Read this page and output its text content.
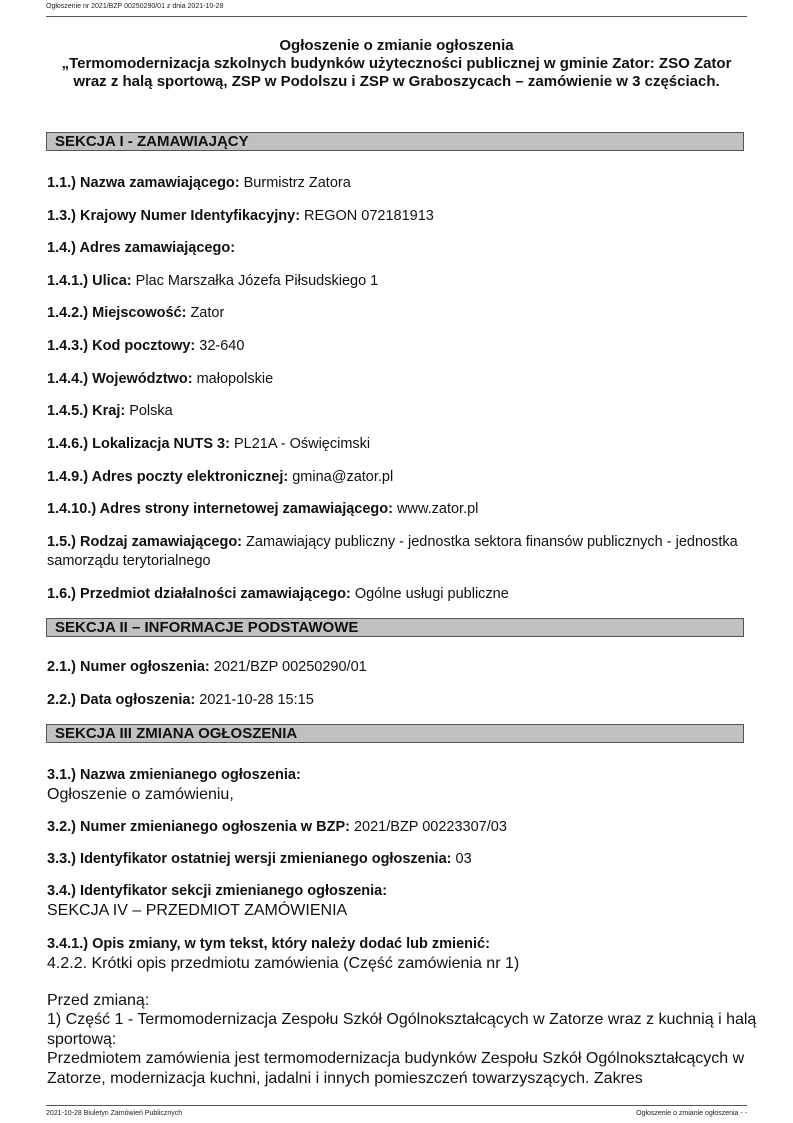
Ogłoszenie nr 2021/BZP 00250290/01 z dnia 2021-10-28
Ogłoszenie o zmianie ogłoszenia
„Termomodernizacja szkolnych budynków użyteczności publicznej w gminie Zator: ZSO Zator
wraz z halą sportową, ZSP w Podolszu i ZSP w Graboszycach – zamówienie w 3 częściach.
SEKCJA I - ZAMAWIAJĄCY
1.1.) Nazwa zamawiającego: Burmistrz Zatora
1.3.) Krajowy Numer Identyfikacyjny: REGON 072181913
1.4.) Adres zamawiającego:
1.4.1.) Ulica: Plac Marszałka Józefa Piłsudskiego 1
1.4.2.) Miejscowość: Zator
1.4.3.) Kod pocztowy: 32-640
1.4.4.) Województwo: małopolskie
1.4.5.) Kraj: Polska
1.4.6.) Lokalizacja NUTS 3: PL21A - Oświęcimski
1.4.9.) Adres poczty elektronicznej: gmina@zator.pl
1.4.10.) Adres strony internetowej zamawiającego: www.zator.pl
1.5.) Rodzaj zamawiającego: Zamawiający publiczny - jednostka sektora finansów publicznych - jednostka samorządu terytorialnego
1.6.) Przedmiot działalności zamawiającego: Ogólne usługi publiczne
SEKCJA II – INFORMACJE PODSTAWOWE
2.1.) Numer ogłoszenia: 2021/BZP 00250290/01
2.2.) Data ogłoszenia: 2021-10-28 15:15
SEKCJA III ZMIANA OGŁOSZENIA
3.1.) Nazwa zmienianego ogłoszenia:
Ogłoszenie o zamówieniu,
3.2.) Numer zmienianego ogłoszenia w BZP: 2021/BZP 00223307/03
3.3.) Identyfikator ostatniej wersji zmienianego ogłoszenia: 03
3.4.) Identyfikator sekcji zmienianego ogłoszenia:
SEKCJA IV – PRZEDMIOT ZAMÓWIENIA
3.4.1.) Opis zmiany, w tym tekst, który należy dodać lub zmienić:
4.2.2. Krótki opis przedmiotu zamówienia (Część zamówienia nr 1)
Przed zmianą:
1) Część 1 - Termomodernizacja Zespołu Szkół Ogólnokształcących w Zatorze wraz z kuchnią i halą sportową:
Przedmiotem zamówienia jest termomodernizacja budynków Zespołu Szkół Ogólnokształcących w Zatorze, modernizacja kuchni, jadalni i innych pomieszczeń towarzyszących. Zakres
2021-10-28 Biuletyn Zamówień Publicznych	Ogłoszenie o zmianie ogłoszenia - -
